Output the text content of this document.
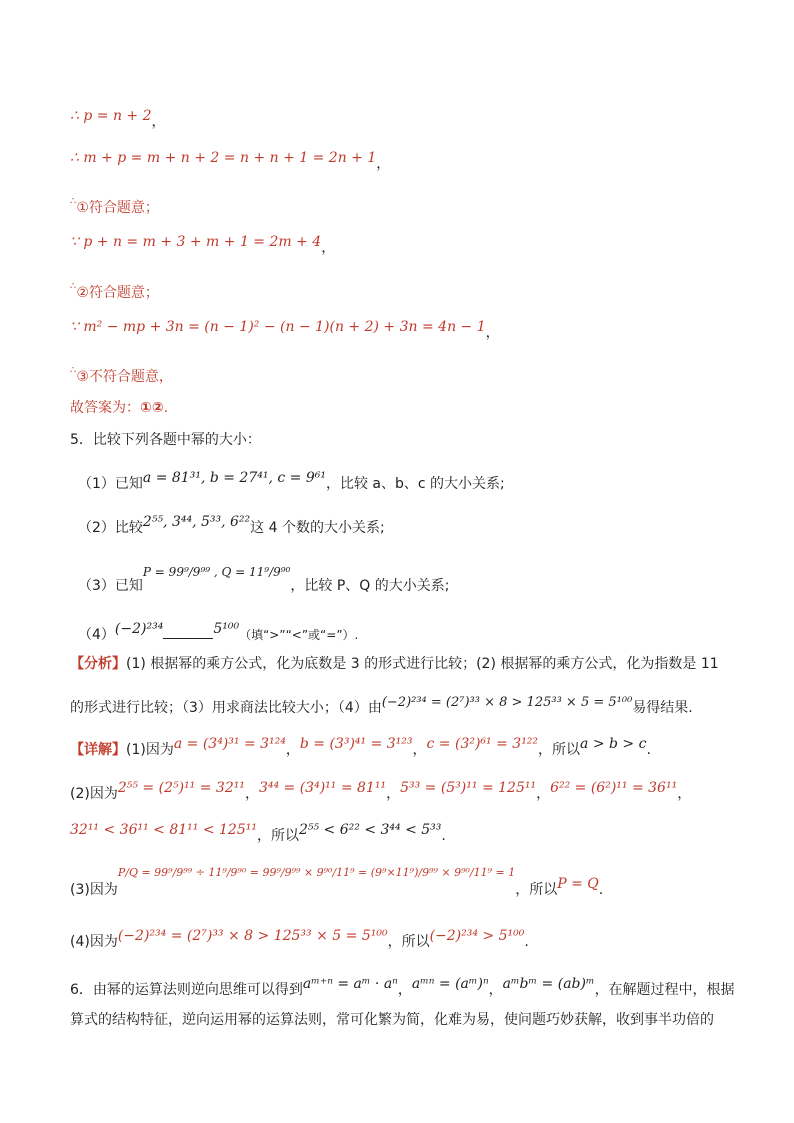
∴ p = n + 2，
∴ m + p = m + n + 2 = n + n + 1 = 2n + 1，
∴①符合题意；
∵ p + n = m + 3 + m + 1 = 2m + 4，
∴②符合题意；
∵ m² − mp + 3n = (n − 1)² − (n − 1)(n + 2) + 3n = 4n − 1，
∴③不符合题意，
故答案为：①②.
5．比较下列各题中幂的大小：
（1）已知a = 81³¹, b = 27⁴¹, c = 9⁶¹，比较 a、b、c 的大小关系;
（2）比较2⁵⁵, 3⁴⁴, 5³³, 6²²这 4 个数的大小关系;
（3）已知P = 99⁹/9⁹⁹ , Q = 11⁹/9⁹⁰，比较 P、Q 的大小关系;
（4）(−2)²³⁴	5¹⁰⁰（填“>”“<”或“=”）.
【分析】(1) 根据幂的乘方公式，化为底数是 3 的形式进行比较；(2) 根据幂的乘方公式，化为指数是 11
的形式进行比较；（3）用求商法比较大小；（4）由(−2)²³⁴ = (2⁷)³³ × 8 > 125³³ × 5 = 5¹⁰⁰易得结果.
【详解】(1)因为a = (3⁴)³¹ = 3¹²⁴，b = (3³)⁴¹ = 3¹²³，c = (3²)⁶¹ = 3¹²²，所以a > b > c.
(2)因为2⁵⁵ = (2⁵)¹¹ = 32¹¹，3⁴⁴ = (3⁴)¹¹ = 81¹¹，5³³ = (5³)¹¹ = 125¹¹，6²² = (6²)¹¹ = 36¹¹，
32¹¹ < 36¹¹ < 81¹¹ < 125¹¹，所以2⁵⁵ < 6²² < 3⁴⁴ < 5³³.
(3)因为$^{P/Q = 99^9/9^{99} \div 11^9/9^{90} = 99^9/9^{99} \times 9^{90}/11^9 = (9^9\times 11^9)/9^{99} \times 9^{90}/11^9 = 1}$，所以P = Q.
(4)因为(−2)²³⁴ = (2⁷)³³ × 8 > 125³³ × 5 = 5¹⁰⁰，所以(−2)²³⁴ > 5¹⁰⁰.
6．由幂的运算法则逆向思维可以得到aᵐ⁺ⁿ = aᵐ · aⁿ，aᵐⁿ = (aᵐ)ⁿ，aᵐbᵐ = (ab)ᵐ，在解题过程中，根据
算式的结构特征，逆向运用幂的运算法则，常可化繁为简，化难为易，使问题巧妙获解，收到事半功倍的
